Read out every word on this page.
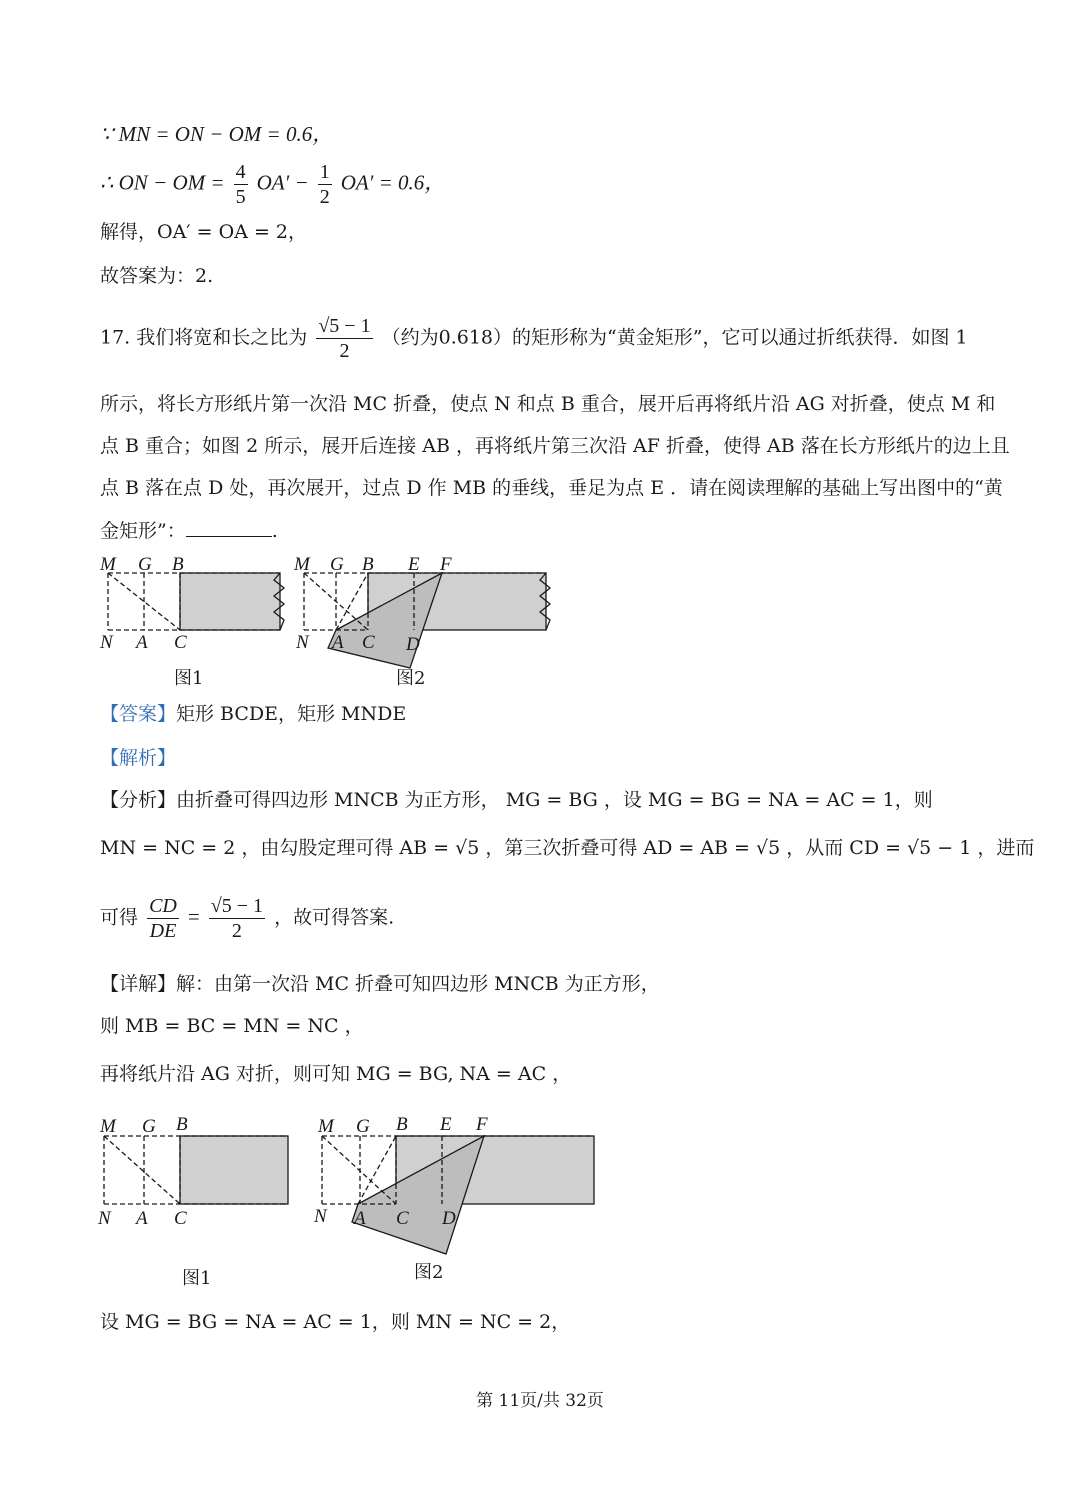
∵ MN = ON − OM = 0.6，
∴ ON − OM = $\frac{4}{5} OA' - \frac{1}{2} OA' = 0.6$，
解得，OA′ = OA = 2，
故答案为：2.
17. 我们将宽和长之比为 $\frac{√5 - 1}{2}$ （约为0.618）的矩形称为“黄金矩形”，它可以通过折纸获得．如图 1
所示，将长方形纸片第一次沿 MC 折叠，使点 N 和点 B 重合，展开后再将纸片沿 AG 对折叠，使点 M 和
点 B 重合；如图 2 所示，展开后连接 AB ，再将纸片第三次沿 AF 折叠，使得 AB 落在长方形纸片的边上且
点 B 落在点 D 处，再次展开，过点 D 作 MB 的垂线，垂足为点 E ．请在阅读理解的基础上写出图中的“黄
金矩形”：	.
M G B
N A C
图1
M G B E F
N A C D
图2
【答案】矩形 BCDE，矩形 MNDE
【解析】
【分析】由折叠可得四边形 MNCB 为正方形， MG = BG ，设 MG = BG = NA = AC = 1，则
MN = NC = 2 ，由勾股定理可得 AB = √5 ，第三次折叠可得 AD = AB = √5 ，从而 CD = √5 − 1 ，进而
可得 $\frac{CD}{DE} = \frac{√5 - 1}{2}$ ，故可得答案.
【详解】解：由第一次沿 MC 折叠可知四边形 MNCB 为正方形，
则 MB = BC = MN = NC ，
再将纸片沿 AG 对折，则可知 MG = BG, NA = AC ，
M G B
N A C
图1
M G B E F
N A C D
图2
设 MG = BG = NA = AC = 1，则 MN = NC = 2，
第 11页/共 32页
